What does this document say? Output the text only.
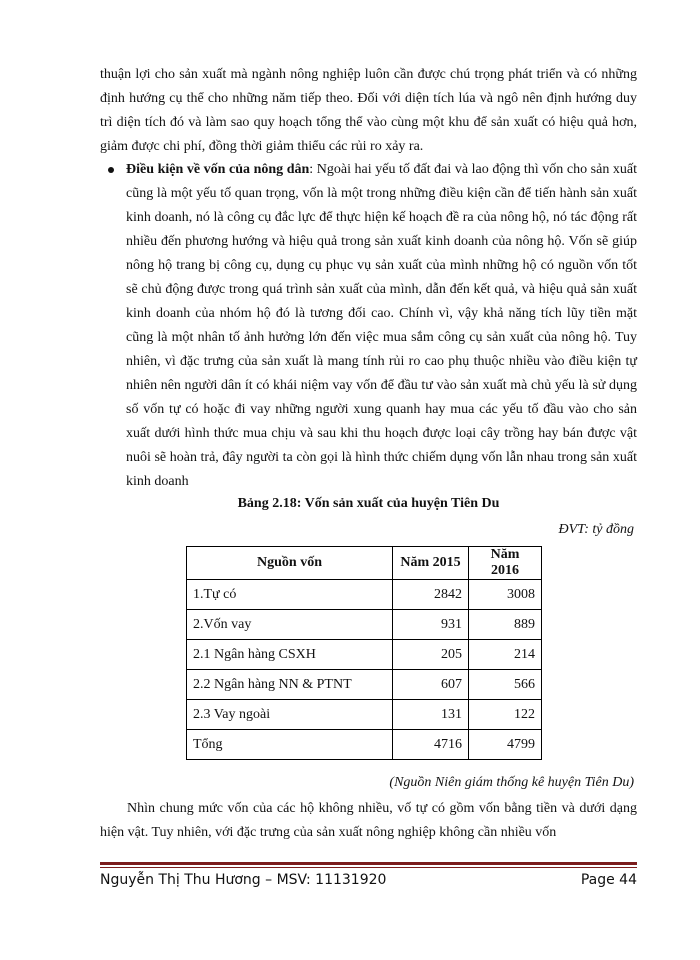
thuận lợi cho sản xuất mà ngành nông nghiệp luôn cần được chú trọng phát triển và có những định hướng cụ thể cho những năm tiếp theo. Đối với diện tích lúa và ngô nên định hướng duy trì diện tích đó và làm sao quy hoạch tổng thể vào cùng một khu để sản xuất có hiệu quả hơn, giảm được chi phí, đồng thời giảm thiểu các rủi ro xảy ra.

Điều kiện về vốn của nông dân: Ngoài hai yếu tố đất đai và lao động thì vốn cho sản xuất cũng là một yếu tố quan trọng, vốn là một trong những điều kiện cần để tiến hành sản xuất kinh doanh, nó là công cụ đắc lực để thực hiện kế hoạch đề ra của nông hộ, nó tác động rất nhiều đến phương hướng và hiệu quả trong sản xuất kinh doanh của nông hộ. Vốn sẽ giúp nông hộ trang bị công cụ, dụng cụ phục vụ sản xuất của mình những hộ có nguồn vốn tốt sẽ chủ động được trong quá trình sản xuất của mình, dẫn đến kết quả, và hiệu quả sản xuất kinh doanh của nhóm hộ đó là tương đối cao. Chính vì, vậy khả năng tích lũy tiền mặt cũng là một nhân tố ảnh hưởng lớn đến việc mua sắm công cụ sản xuất của nông hộ. Tuy nhiên, vì đặc trưng của sản xuất là mang tính rủi ro cao phụ thuộc nhiều vào điều kiện tự nhiên nên người dân ít có khái niệm vay vốn để đầu tư vào sản xuất mà chủ yếu là sử dụng số vốn tự có hoặc đi vay những người xung quanh hay mua các yếu tố đầu vào cho sản xuất dưới hình thức mua chịu và sau khi thu hoạch được loại cây trồng hay bán được vật nuôi sẽ hoàn trả, đây người ta còn gọi là hình thức chiếm dụng vốn lẫn nhau trong sản xuất kinh doanh

Bảng 2.18: Vốn sản xuất của huyện Tiên Du

ĐVT: tỷ đồng

Nguồn vốn	Năm 2015	Năm 2016
1.Tự có	2842	3008
2.Vốn vay	931	889
2.1 Ngân hàng CSXH	205	214
2.2 Ngân hàng NN & PTNT	607	566
2.3 Vay ngoài	131	122
Tổng	4716	4799

(Nguồn Niên giám thống kê huyện Tiên Du)

Nhìn chung mức vốn của các hộ không nhiều, vố tự có gồm vốn bằng tiền và dưới dạng hiện vật. Tuy nhiên, với đặc trưng của sản xuất nông nghiệp không cần nhiều vốn

Nguyễn Thị Thu Hương – MSV: 11131920	Page 44
